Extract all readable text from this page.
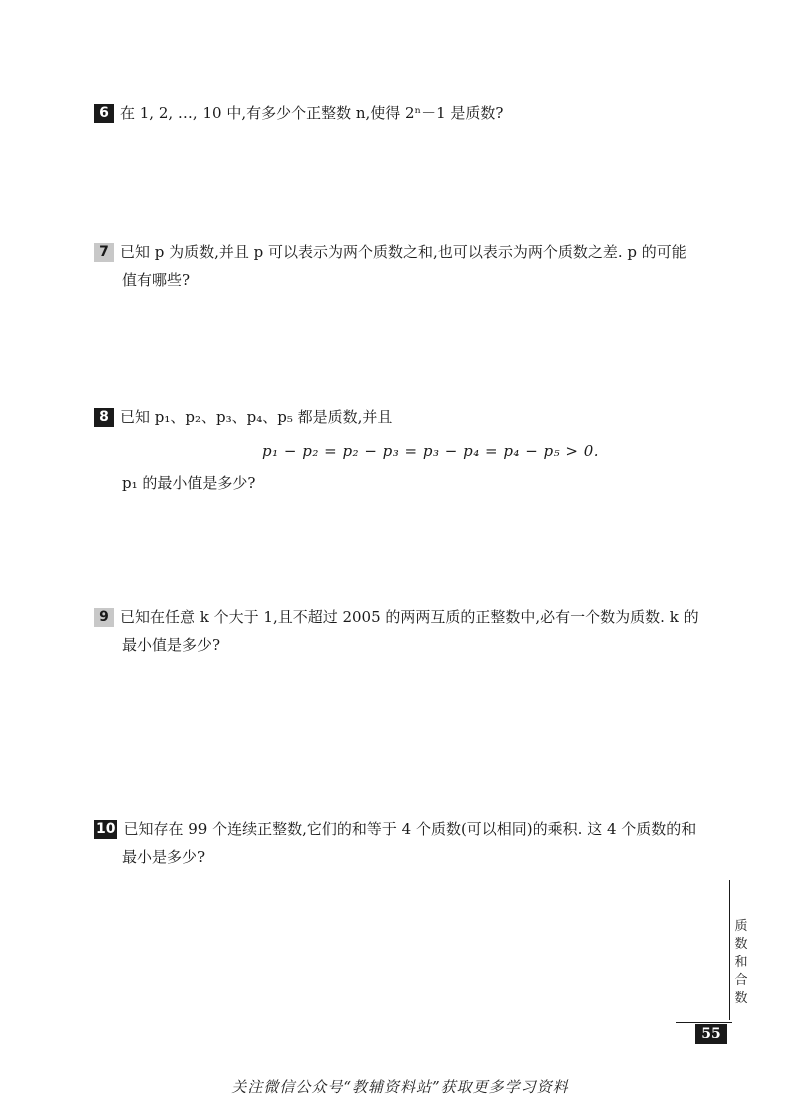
6 在 1, 2, …, 10 中,有多少个正整数 n,使得 2ⁿ－1 是质数?
7 已知 p 为质数,并且 p 可以表示为两个质数之和,也可以表示为两个质数之差. p 的可能
值有哪些?
8 已知 p₁、p₂、p₃、p₄、p₅ 都是质数,并且
p₁ − p₂ = p₂ − p₃ = p₃ − p₄ = p₄ − p₅ > 0.
p₁ 的最小值是多少?
9 已知在任意 k 个大于 1,且不超过 2005 的两两互质的正整数中,必有一个数为质数. k 的
最小值是多少?
10 已知存在 99 个连续正整数,它们的和等于 4 个质数(可以相同)的乘积. 这 4 个质数的和
最小是多少?
质
数
和
合
数
55
关注微信公众号“教辅资料站”获取更多学习资料
